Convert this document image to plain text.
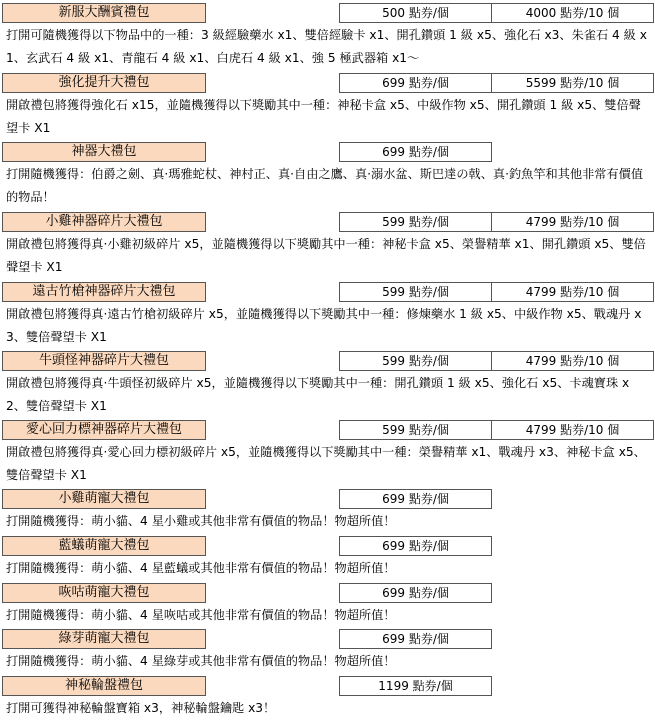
新服大酬賓禮包	500 點券/個	4000 點券/10 個
打開可隨機獲得以下物品中的一種：3 級經驗藥水 x1、雙倍經驗卡 x1、開孔鑽頭 1 級 x5、強化石 x3、朱雀石 4 級 x1、玄武石 4 級 x1、青龍石 4 級 x1、白虎石 4 級 x1、強 5 極武器箱 x1～
強化提升大禮包	699 點券/個	5599 點券/10 個
開啟禮包將獲得強化石 x15，並隨機獲得以下獎勵其中一種：神秘卡盒 x5、中級作物 x5、開孔鑽頭 1 級 x5、雙倍聲望卡 X1
神器大禮包	699 點券/個
打開隨機獲得：伯爵之劍、真·瑪雅蛇杖、神村正、真·自由之鷹、真·溺水盆、斯巴達の戟、真·釣魚竿和其他非常有價值的物品！
小雞神器碎片大禮包	599 點券/個	4799 點券/10 個
開啟禮包將獲得真·小雞初級碎片 x5，並隨機獲得以下獎勵其中一種：神秘卡盒 x5、榮譽精華 x1、開孔鑽頭 x5、雙倍聲望卡 X1
遠古竹槍神器碎片大禮包	599 點券/個	4799 點券/10 個
開啟禮包將獲得真·遠古竹槍初級碎片 x5，並隨機獲得以下獎勵其中一種：修煉藥水 1 級 x5、中級作物 x5、戰魂丹 x3、雙倍聲望卡 X1
牛頭怪神器碎片大禮包	599 點券/個	4799 點券/10 個
開啟禮包將獲得真·牛頭怪初級碎片 x5，並隨機獲得以下獎勵其中一種：開孔鑽頭 1 級 x5、強化石 x5、卡魂寶珠 x2、雙倍聲望卡 X1
愛心回力標神器碎片大禮包	599 點券/個	4799 點券/10 個
開啟禮包將獲得真·愛心回力標初級碎片 x5，並隨機獲得以下獎勵其中一種：榮譽精華 x1、戰魂丹 x3、神秘卡盒 x5、雙倍聲望卡 X1
小雞萌寵大禮包	699 點券/個
打開隨機獲得：萌小貓、4 星小雞或其他非常有價值的物品！物超所值！
藍蟻萌寵大禮包	699 點券/個
打開隨機獲得：萌小貓、4 星藍蟻或其他非常有價值的物品！物超所值！
咴咕萌寵大禮包	699 點券/個
打開隨機獲得：萌小貓、4 星咴咕或其他非常有價值的物品！物超所值！
綠芽萌寵大禮包	699 點券/個
打開隨機獲得：萌小貓、4 星綠芽或其他非常有價值的物品！物超所值！
神秘輪盤禮包	1199 點券/個
打開可獲得神秘輪盤寶箱 x3，神秘輪盤鑰匙 x3！
